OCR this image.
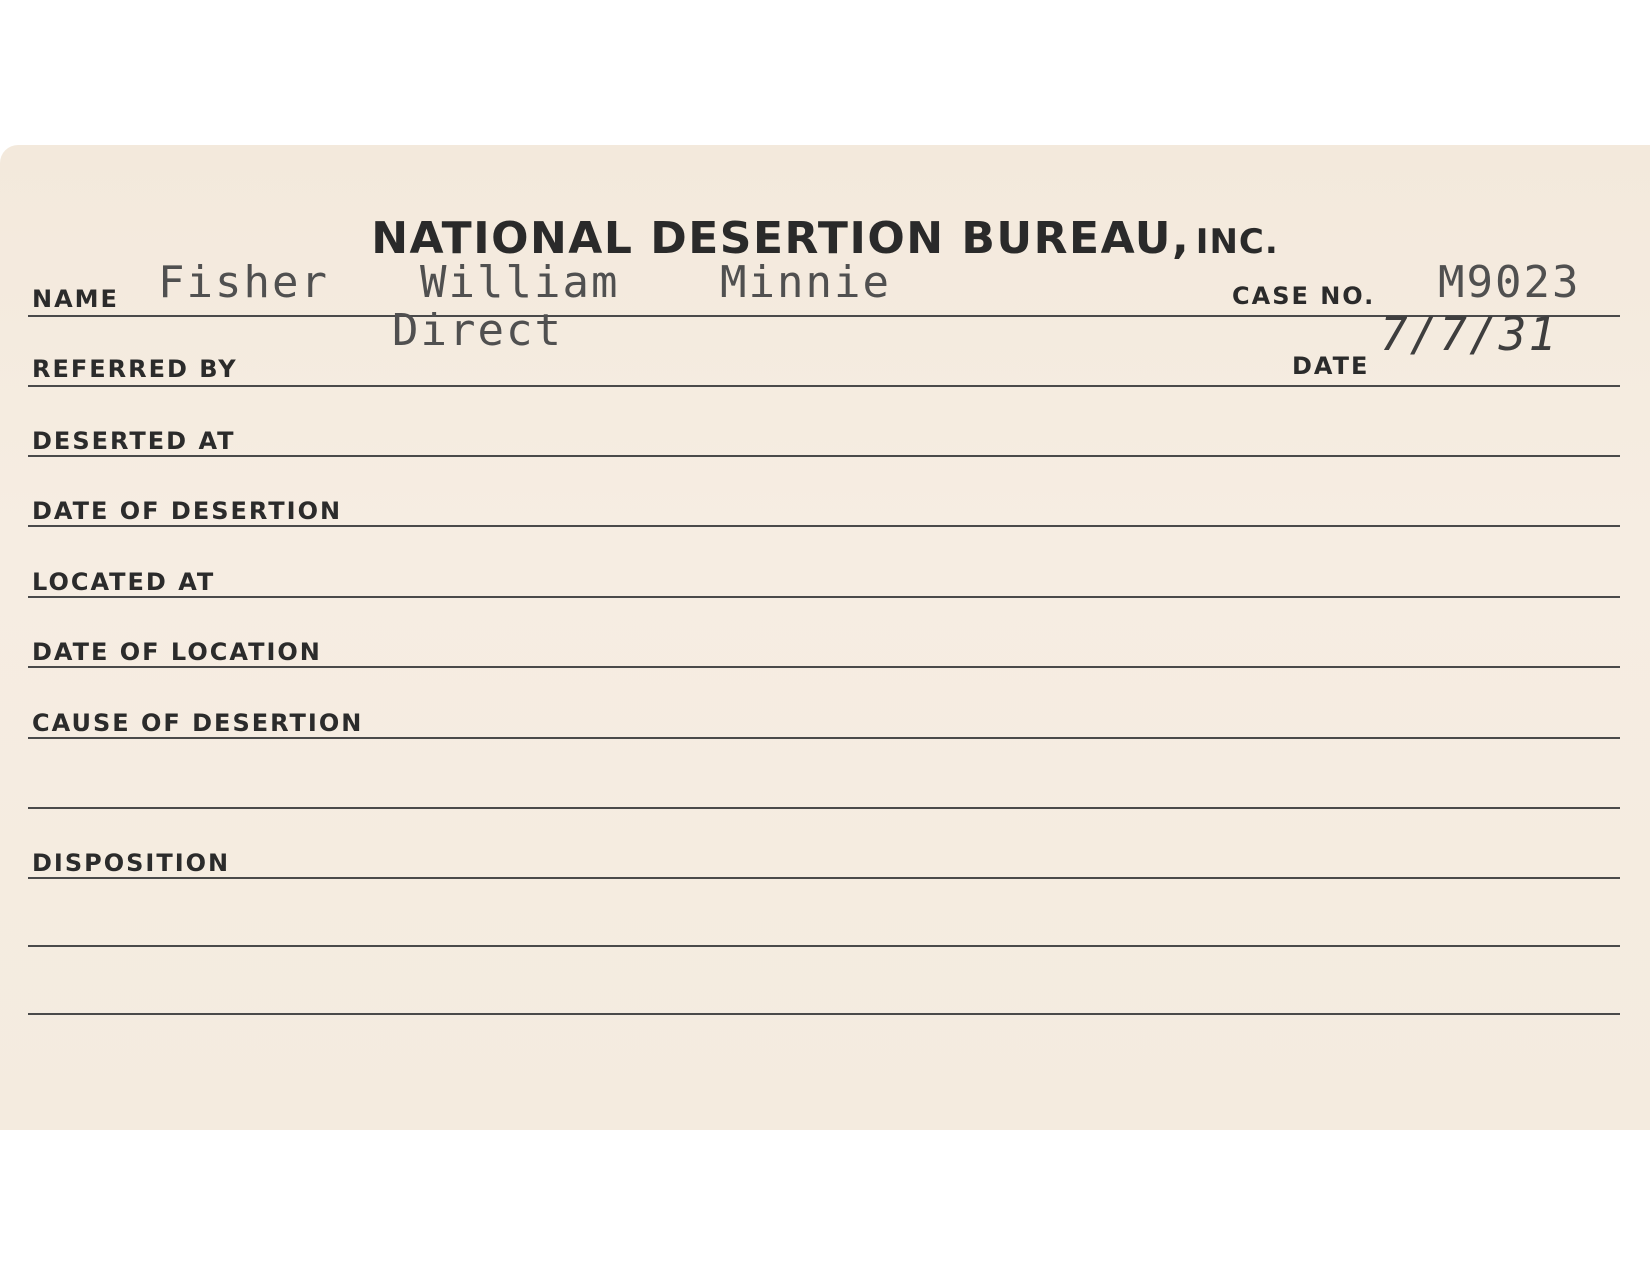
NATIONAL DESERTION BUREAU, INC.
NAME Fisher William Minnie	CASE NO. M9023
REFERRED BY
Direct
DATE
7/7/31
DESERTED AT
DATE OF DESERTION
LOCATED AT
DATE OF LOCATION
CAUSE OF DESERTION
DISPOSITION
